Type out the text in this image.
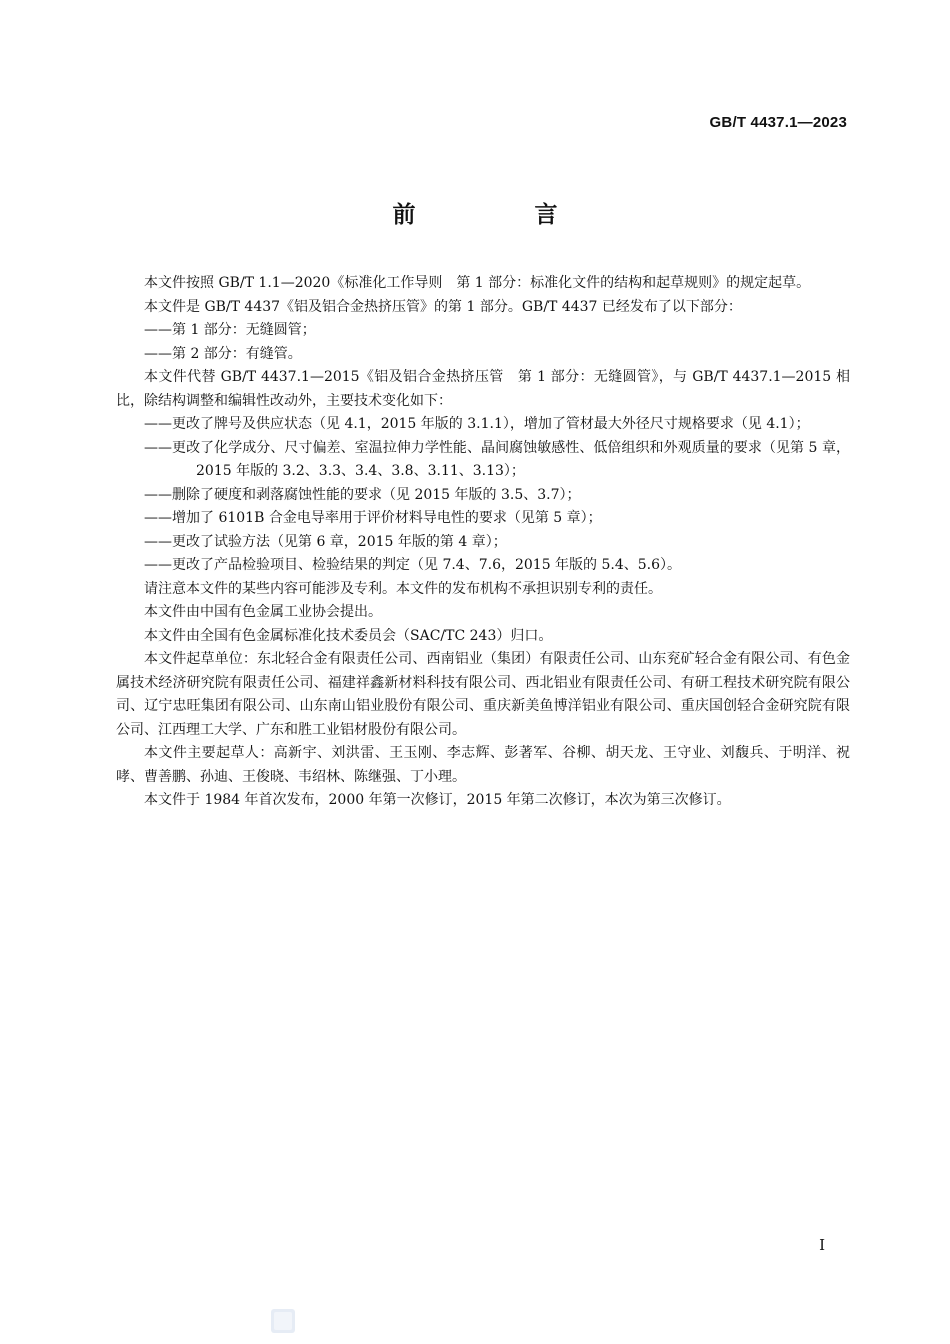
GB/T 4437.1—2023
前　言

本文件按照 GB/T 1.1—2020《标准化工作导则　第 1 部分：标准化文件的结构和起草规则》的规定起草。

本文件是 GB/T 4437《铝及铝合金热挤压管》的第 1 部分。GB/T 4437 已经发布了以下部分：

——第 1 部分：无缝圆管；

——第 2 部分：有缝管。

本文件代替 GB/T 4437.1—2015《铝及铝合金热挤压管　第 1 部分：无缝圆管》，与 GB/T 4437.1—2015 相比，除结构调整和编辑性改动外，主要技术变化如下：

——更改了牌号及供应状态（见 4.1，2015 年版的 3.1.1），增加了管材最大外径尺寸规格要求（见 4.1）；

——更改了化学成分、尺寸偏差、室温拉伸力学性能、晶间腐蚀敏感性、低倍组织和外观质量的要求（见第 5 章，2015 年版的 3.2、3.3、3.4、3.8、3.11、3.13）；

——删除了硬度和剥落腐蚀性能的要求（见 2015 年版的 3.5、3.7）；

——增加了 6101B 合金电导率用于评价材料导电性的要求（见第 5 章）；

——更改了试验方法（见第 6 章，2015 年版的第 4 章）；

——更改了产品检验项目、检验结果的判定（见 7.4、7.6，2015 年版的 5.4、5.6）。

请注意本文件的某些内容可能涉及专利。本文件的发布机构不承担识别专利的责任。

本文件由中国有色金属工业协会提出。

本文件由全国有色金属标准化技术委员会（SAC/TC 243）归口。

本文件起草单位：东北轻合金有限责任公司、西南铝业（集团）有限责任公司、山东兖矿轻合金有限公司、有色金属技术经济研究院有限责任公司、福建祥鑫新材料科技有限公司、西北铝业有限责任公司、有研工程技术研究院有限公司、辽宁忠旺集团有限公司、山东南山铝业股份有限公司、重庆新美鱼博洋铝业有限公司、重庆国创轻合金研究院有限公司、江西理工大学、广东和胜工业铝材股份有限公司。

本文件主要起草人：高新宇、刘洪雷、王玉刚、李志辉、彭著军、谷柳、胡天龙、王守业、刘馥兵、于明洋、祝哮、曹善鹏、孙迪、王俊晓、韦绍林、陈继强、丁小理。

本文件于 1984 年首次发布，2000 年第一次修订，2015 年第二次修订，本次为第三次修订。

I
